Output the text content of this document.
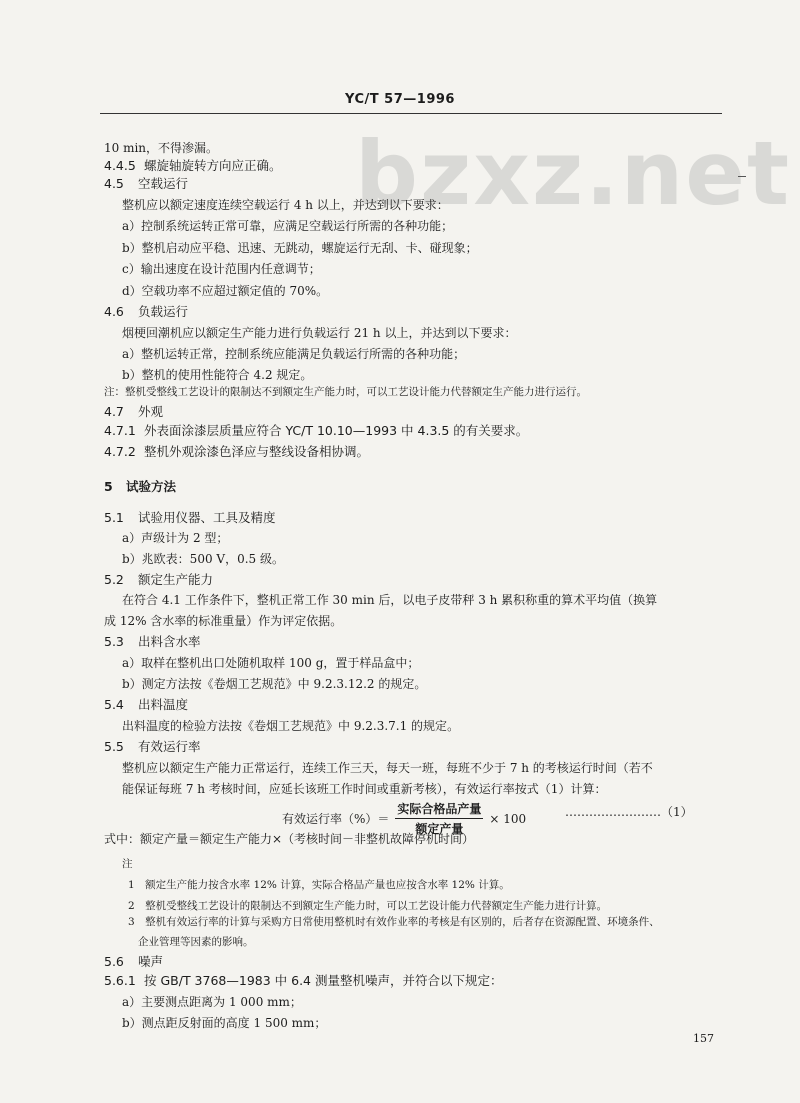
bzxz.net
YC/T 57—1996
10 min，不得渗漏。
4.4.5 螺旋轴旋转方向应正确。
4.5 空载运行
整机应以额定速度连续空载运行 4 h 以上，并达到以下要求：
a）控制系统运转正常可靠，应满足空载运行所需的各种功能；
b）整机启动应平稳、迅速、无跳动，螺旋运行无刮、卡、碰现象；
c）输出速度在设计范围内任意调节；
d）空载功率不应超过额定值的 70%。
4.6 负载运行
烟梗回潮机应以额定生产能力进行负载运行 21 h 以上，并达到以下要求：
a）整机运转正常，控制系统应能满足负载运行所需的各种功能；
b）整机的使用性能符合 4.2 规定。
注：整机受整线工艺设计的限制达不到额定生产能力时，可以工艺设计能力代替额定生产能力进行运行。
4.7 外观
4.7.1 外表面涂漆层质量应符合 YC/T 10.10—1993 中 4.3.5 的有关要求。
4.7.2 整机外观涂漆色泽应与整线设备相协调。
5 试验方法
5.1 试验用仪器、工具及精度
a）声级计为 2 型；
b）兆欧表：500 V，0.5 级。
5.2 额定生产能力
在符合 4.1 工作条件下，整机正常工作 30 min 后，以电子皮带秤 3 h 累积称重的算术平均值（换算
成 12% 含水率的标准重量）作为评定依据。
5.3 出料含水率
a）取样在整机出口处随机取样 100 g，置于样品盒中；
b）测定方法按《卷烟工艺规范》中 9.2.3.12.2 的规定。
5.4 出料温度
出料温度的检验方法按《卷烟工艺规范》中 9.2.3.7.1 的规定。
5.5 有效运行率
整机应以额定生产能力正常运行，连续工作三天，每天一班，每班不少于 7 h 的考核运行时间（若不
能保证每班 7 h 考核时间，应延长该班工作时间或重新考核），有效运行率按式（1）计算：
式中：额定产量＝额定生产能力×（考核时间－非整机故障停机时间）
注
1　额定生产能力按含水率 12% 计算，实际合格品产量也应按含水率 12% 计算。
2　整机受整线工艺设计的限制达不到额定生产能力时，可以工艺设计能力代替额定生产能力进行计算。
3　整机有效运行率的计算与采购方日常使用整机时有效作业率的考核是有区别的，后者存在资源配置、环境条件、
企业管理等因素的影响。
5.6 噪声
5.6.1 按 GB/T 3768—1983 中 6.4 测量整机噪声，并符合以下规定：
a）主要测点距离为 1 000 mm；
b）测点距反射面的高度 1 500 mm；
有效运行率（%）＝ $\frac{\text{实际合格品产量}}{\text{额定产量}} \times 100$	……………………（1）
157
